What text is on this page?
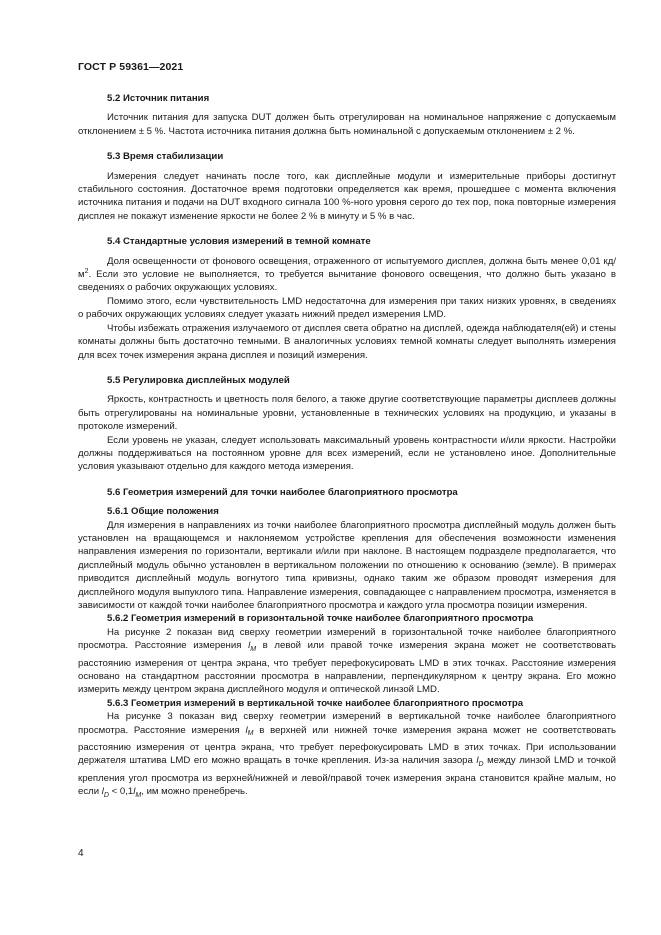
ГОСТ Р 59361—2021
5.2 Источник питания

Источник питания для запуска DUT должен быть отрегулирован на номинальное напряжение с допускаемым отклонением ± 5 %. Частота источника питания должна быть номинальной с допускаемым отклонением ± 2 %.

5.3 Время стабилизации

Измерения следует начинать после того, как дисплейные модули и измерительные приборы достигнут стабильного состояния. Достаточное время подготовки определяется как время, прошедшее с момента включения источника питания и подачи на DUT входного сигнала 100 %-ного уровня серого до тех пор, пока повторные измерения дисплея не покажут изменение яркости не более 2 % в минуту и 5 % в час.

5.4 Стандартные условия измерений в темной комнате

Доля освещенности от фонового освещения, отраженного от испытуемого дисплея, должна быть менее 0,01 $кд/м^2$. Если это условие не выполняется, то требуется вычитание фонового освещения, что должно быть указано в сведениях о рабочих окружающих условиях.

Помимо этого, если чувствительность LMD недостаточна для измерения при таких низких уровнях, в сведениях о рабочих окружающих условиях следует указать нижний предел измерения LMD.

Чтобы избежать отражения излучаемого от дисплея света обратно на дисплей, одежда наблюдателя(ей) и стены комнаты должны быть достаточно темными. В аналогичных условиях темной комнаты следует выполнять измерения для всех точек измерения экрана дисплея и позиций измерения.

5.5 Регулировка дисплейных модулей

Яркость, контрастность и цветность поля белого, а также другие соответствующие параметры дисплеев должны быть отрегулированы на номинальные уровни, установленные в технических условиях на продукцию, и указаны в протоколе измерений.

Если уровень не указан, следует использовать максимальный уровень контрастности и/или яркости. Настройки должны поддерживаться на постоянном уровне для всех измерений, если не установлено иное. Дополнительные условия указывают отдельно для каждого метода измерения.

5.6 Геометрия измерений для точки наиболее благоприятного просмотра
5.6.1 Общие положения

Для измерения в направлениях из точки наиболее благоприятного просмотра дисплейный модуль должен быть установлен на вращающемся и наклоняемом устройстве крепления для обеспечения возможности изменения направления измерения по горизонтали, вертикали и/или при наклоне. В настоящем подразделе предполагается, что дисплейный модуль обычно установлен в вертикальном положении по отношению к основанию (земле). В примерах приводится дисплейный модуль вогнутого типа кривизны, однако таким же образом проводят измерения для дисплейного модуля выпуклого типа. Направление измерения, совпадающее с направлением просмотра, изменяется в зависимости от каждой точки наиболее благоприятного просмотра и каждого угла просмотра позиции измерения.

5.6.2 Геометрия измерений в горизонтальной точке наиболее благоприятного просмотра

На рисунке 2 показан вид сверху геометрии измерений в горизонтальной точке наиболее благоприятного просмотра. Расстояние измерения $l_M$ в левой или правой точке измерения экрана может не соответствовать расстоянию измерения от центра экрана, что требует перефокусировать LMD в этих точках. Расстояние измерения основано на стандартном расстоянии просмотра в направлении, перпендикулярном к центру экрана. Его можно измерить между центром экрана дисплейного модуля и оптической линзой LMD.

5.6.3 Геометрия измерений в вертикальной точке наиболее благоприятного просмотра

На рисунке 3 показан вид сверху геометрии измерений в вертикальной точке наиболее благоприятного просмотра. Расстояние измерения $l_M$ в верхней или нижней точке измерения экрана может не соответствовать расстоянию измерения от центра экрана, что требует перефокусировать LMD в этих точках. При использовании держателя штатива LMD его можно вращать в точке крепления. Из-за наличия зазора $l_D$ между линзой LMD и точкой крепления угол просмотра из верхней/нижней и левой/правой точек измерения экрана становится крайне малым, но если $l_D < 0,1l_M$, им можно пренебречь.

4
